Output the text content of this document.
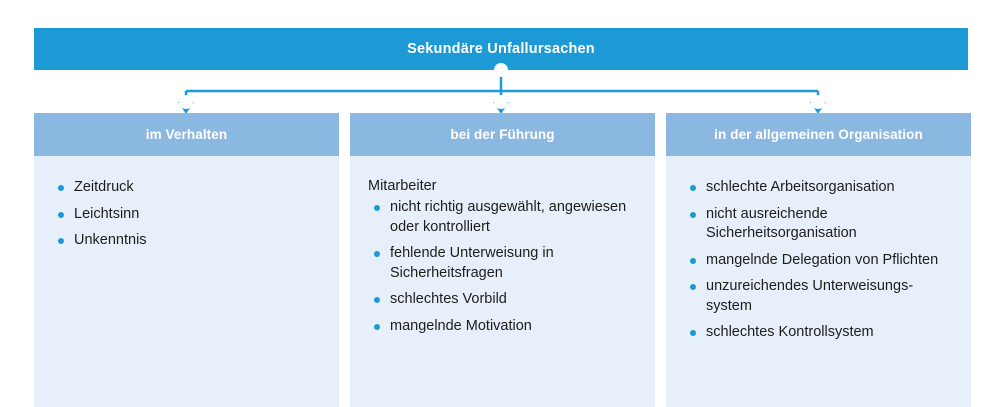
Sekundäre Unfallursachen
im Verhalten
Zeitdruck
Leichtsinn
Unkenntnis
bei der Führung
Mitarbeiter
nicht richtig ausgewählt, angewiesen oder kontrolliert
fehlende Unterweisung in Sicherheitsfragen
schlechtes Vorbild
mangelnde Motivation
in der allgemeinen Organisation
schlechte Arbeitsorganisation
nicht ausreichende Sicherheitsorganisation
mangelnde Delegation von Pflichten
unzureichendes Unterweisungs-system
schlechtes Kontrollsystem
